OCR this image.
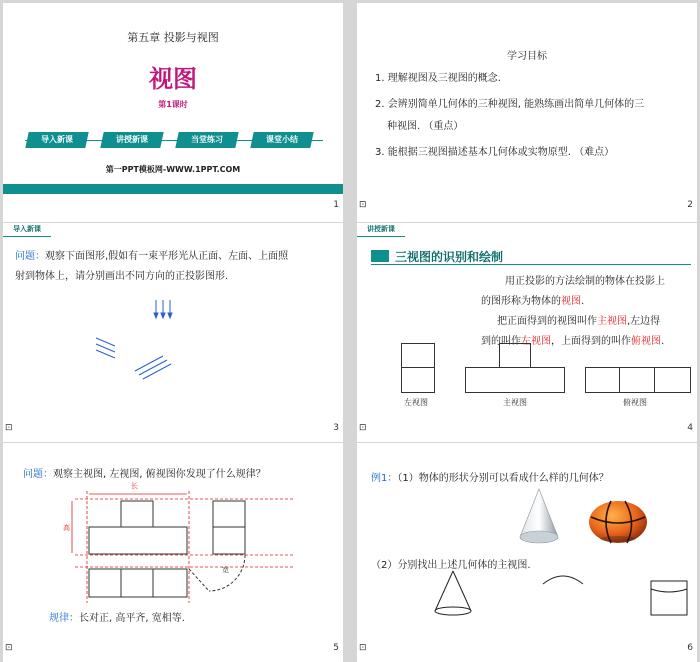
第五章 投影与视图
视图
第1课时
导入新课	讲授新课	当堂练习	课堂小结
第一PPT模板网-WWW.1PPT.COM
1
学习目标
1. 理解视图及三视图的概念.
2. 会辨别简单几何体的三种视图, 能熟练画出简单几何体的三
种视图. （重点）
3. 能根据三视图描述基本几何体或实物原型. （难点）
⊡	2
导入新课
问题：观察下面图形,假如有一束平形光从正面、左面、上面照
射到物体上，请分别画出不同方向的正投影图形.
⊡	3
讲授新课
三视图的识别和绘制
用正投影的方法绘制的物体在投影上
的图形称为物体的视图.
把正面得到的视图叫作主视图,左边得
到的叫作左视图，上面得到的叫作俯视图.
左视图	主视图	俯视图
⊡	4
问题：观察主视图, 左视图, 俯视图你发现了什么规律？
长
高
宽
规律：长对正, 高平齐, 宽相等.
⊡	5
例1：（1）物体的形状分别可以看成什么样的几何体？
（2）分别找出上述几何体的主视图.
⊡	6
